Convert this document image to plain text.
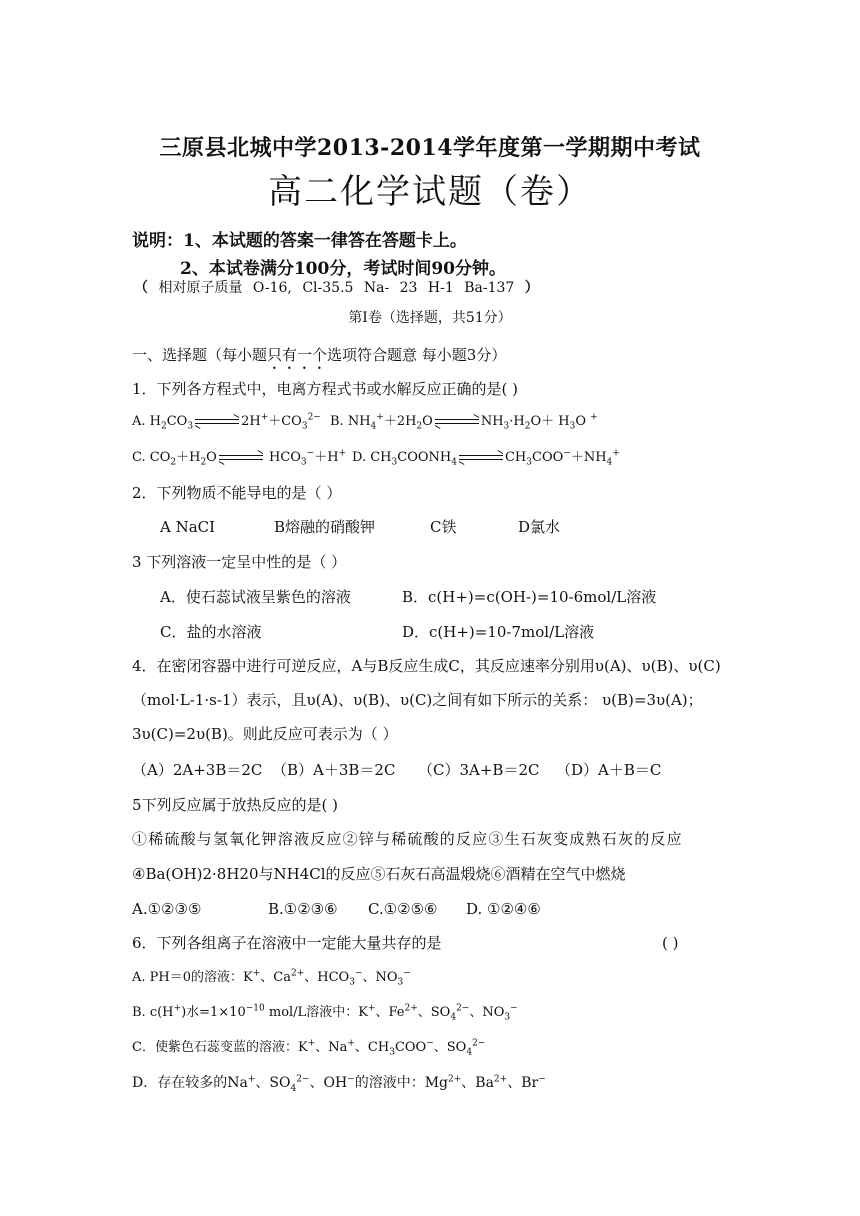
三原县北城中学2013-2014学年度第一学期期中考试
高二化学试题（卷）
说明：1、本试题的答案一律答在答题卡上。
2、本试卷满分100分，考试时间90分钟。
（ 相对原子质量 O-16, Cl-35.5 Na- 23 H-1 Ba-137 ）
第Ⅰ卷（选择题，共51分）
一、选择题（每小题只有一个选项符合题意 每小题3分）
1．下列各方程式中，电离方程式书或水解反应正确的是( )
A. $H_2CO_3$	$2H^++CO_3^{2-}$ B. $NH_4^++2H_2O$	$NH_3\cdot H_2O+ H_3O$ +
C. $CO_2+H_2O$	$HCO_3^-+H^+$ D. $CH_3COONH_4$	$CH_3COO^-+NH_4^+$
2．下列物质不能导电的是（ ）
A NaCI	B熔融的硝酸钾	C铁	D氯水
3 下列溶液一定呈中性的是（ ）
A．使石蕊试液呈紫色的溶液	B．c(H+)=c(OH-)=10-6mol/L溶液
C．盐的水溶液	D．c(H+)=10-7mol/L溶液
4．在密闭容器中进行可逆反应，A与B反应生成C，其反应速率分别用υ(A)、υ(B)、υ(C)
（mol·L-1·s-1）表示，且υ(A)、υ(B)、υ(C)之间有如下所示的关系： υ(B)=3υ(A)；
3υ(C)=2υ(B)。则此反应可表示为（ ）
（A）2A+3B＝2C （B）A＋3B＝2C （C）3A+B＝2C （D）A＋B＝C
5下列反应属于放热反应的是( )
①稀硫酸与氢氧化钾溶液反应②锌与稀硫酸的反应③生石灰变成熟石灰的反应
④Ba(OH)2·8H20与NH4Cl的反应⑤石灰石高温煅烧⑥酒精在空气中燃烧
A.①②③⑤	B.①②③⑥ C.①②⑤⑥ D. ①②④⑥
6．下列各组离子在溶液中一定能大量共存的是	( )
A. PH＝0的溶液：K+、$Ca^{2+}$、$HCO_3^-$、$NO_3^-$
B. c(H+)水$=1\times 10^{-10}$ mol/L溶液中：K+、$Fe^{2+}$、$SO_4^{2-}$、$NO_3^-$
C．使紫色石蕊变蓝的溶液：K+、Na+、$CH_3COO^-$、$SO_4^{2-}$
D．存在较多的Na+、$SO_4^{2-}$、OH−的溶液中：$Mg^{2+}$、$Ba^{2+}$、Br−
